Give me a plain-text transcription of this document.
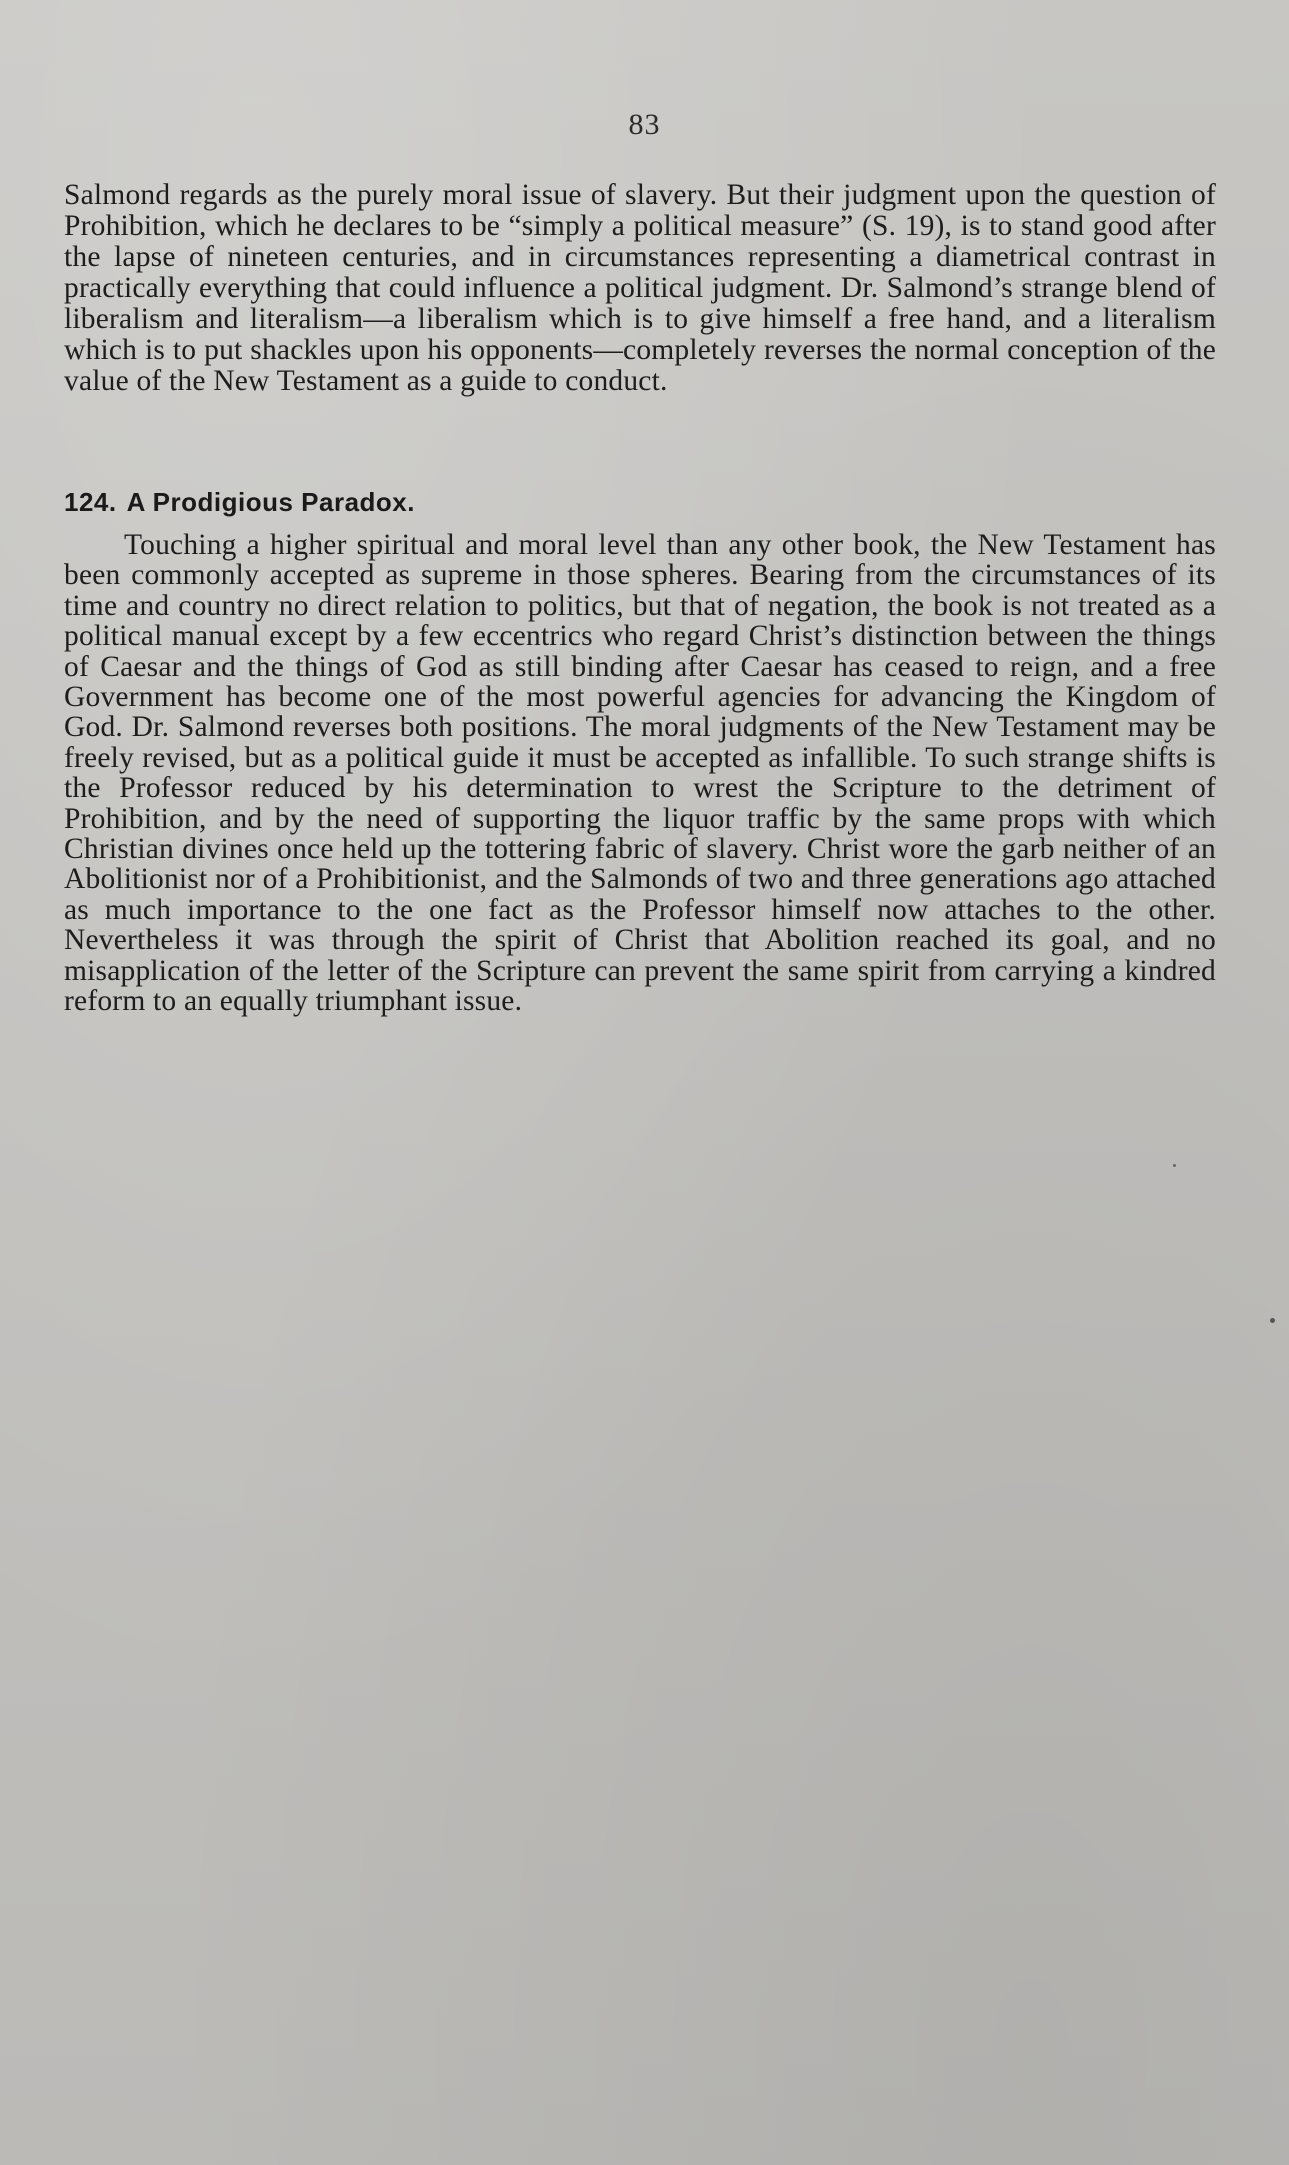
83

Salmond regards as the purely moral issue of slavery. But their judgment upon the question of Prohibition, which he declares to be “simply a political measure” (S. 19), is to stand good after the lapse of nineteen centuries, and in circumstances representing a diametrical contrast in practically everything that could influence a political judgment. Dr. Salmond’s strange blend of liberalism and literalism—a liberalism which is to give himself a free hand, and a literalism which is to put shackles upon his opponents—completely reverses the normal conception of the value of the New Testament as a guide to conduct.

124. A Prodigious Paradox.

Touching a higher spiritual and moral level than any other book, the New Testament has been commonly accepted as supreme in those spheres. Bearing from the circumstances of its time and country no direct relation to politics, but that of negation, the book is not treated as a political manual except by a few eccentrics who regard Christ’s distinction between the things of Caesar and the things of God as still binding after Caesar has ceased to reign, and a free Government has become one of the most powerful agencies for advancing the Kingdom of God. Dr. Salmond reverses both positions. The moral judgments of the New Testament may be freely revised, but as a political guide it must be accepted as infallible. To such strange shifts is the Professor reduced by his determination to wrest the Scripture to the detriment of Prohibition, and by the need of supporting the liquor traffic by the same props with which Christian divines once held up the tottering fabric of slavery. Christ wore the garb neither of an Abolitionist nor of a Prohibitionist, and the Salmonds of two and three generations ago attached as much importance to the one fact as the Professor himself now attaches to the other. Nevertheless it was through the spirit of Christ that Abolition reached its goal, and no misapplication of the letter of the Scripture can prevent the same spirit from carrying a kindred reform to an equally triumphant issue.
